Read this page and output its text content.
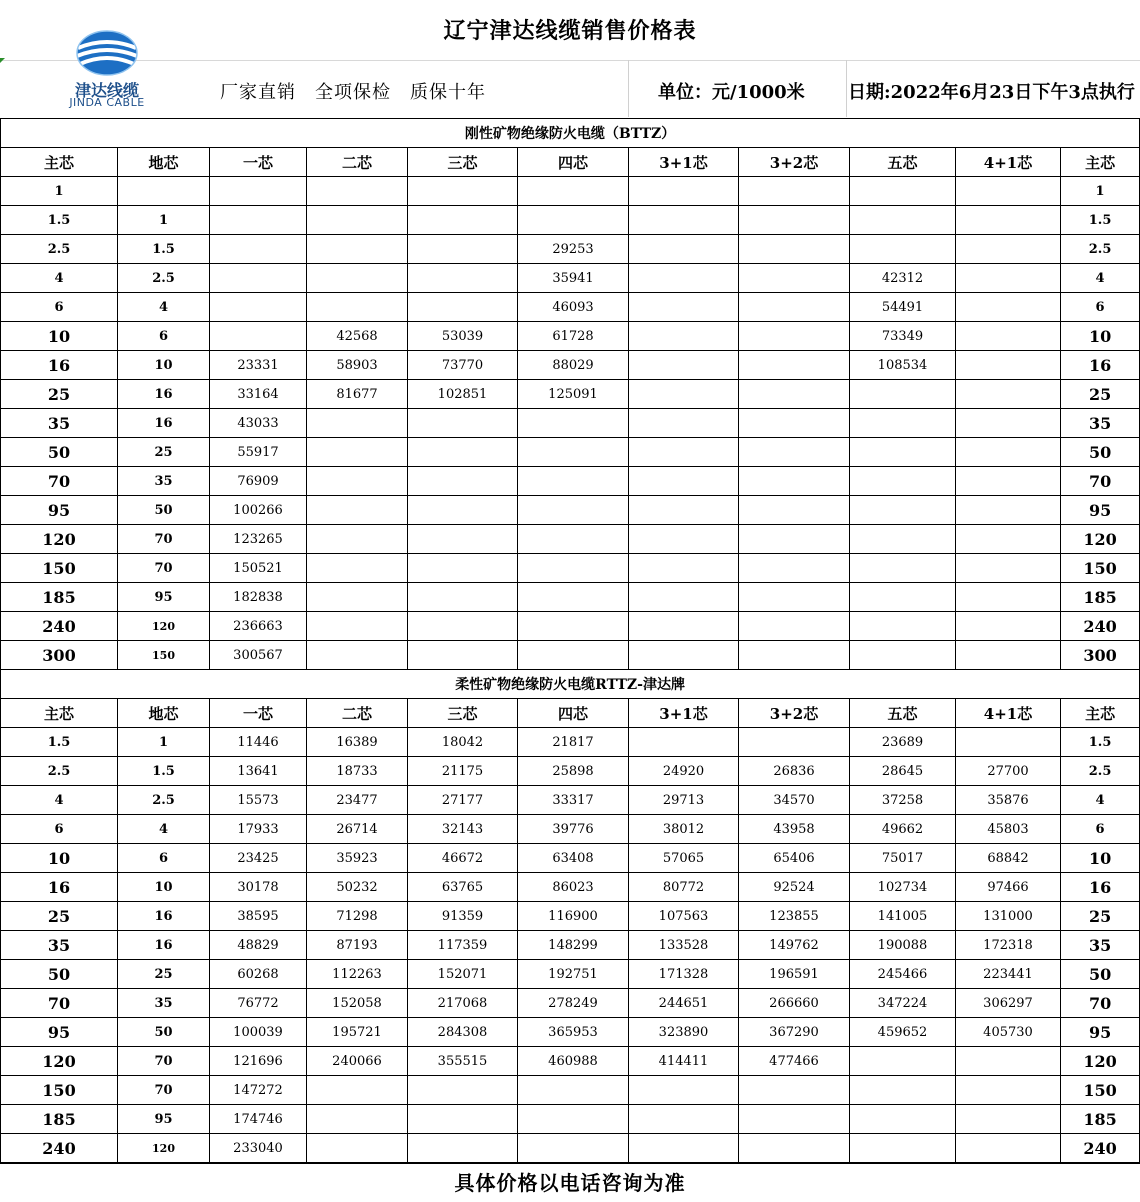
辽宁津达线缆销售价格表
津达线缆
JINDA CABLE	厂家直销　全项保检　质保十年	单位：元/1000米 日期:2022年6月23日下午3点执行
刚性矿物绝缘防火电缆（BTTZ）										
主芯	地芯	一芯	二芯	三芯	四芯	3+1芯	3+2芯	五芯	4+1芯	主芯
1										1
1.5	1									1.5
2.5	1.5				29253					2.5
4	2.5				35941			42312		4
6	4				46093			54491		6
10	6		42568	53039	61728			73349		10
16	10	23331	58903	73770	88029			108534		16
25	16	33164	81677	102851	125091					25
35	16	43033								35
50	25	55917								50
70	35	76909								70
95	50	100266								95
120	70	123265								120
150	70	150521								150
185	95	182838								185
240	120	236663								240
300	150	300567								300
柔性矿物绝缘防火电缆RTTZ-津达牌										
主芯	地芯	一芯	二芯	三芯	四芯	3+1芯	3+2芯	五芯	4+1芯	主芯
1.5	1	11446	16389	18042	21817			23689		1.5
2.5	1.5	13641	18733	21175	25898	24920	26836	28645	27700	2.5
4	2.5	15573	23477	27177	33317	29713	34570	37258	35876	4
6	4	17933	26714	32143	39776	38012	43958	49662	45803	6
10	6	23425	35923	46672	63408	57065	65406	75017	68842	10
16	10	30178	50232	63765	86023	80772	92524	102734	97466	16
25	16	38595	71298	91359	116900	107563	123855	141005	131000	25
35	16	48829	87193	117359	148299	133528	149762	190088	172318	35
50	25	60268	112263	152071	192751	171328	196591	245466	223441	50
70	35	76772	152058	217068	278249	244651	266660	347224	306297	70
95	50	100039	195721	284308	365953	323890	367290	459652	405730	95
120	70	121696	240066	355515	460988	414411	477466			120
150	70	147272								150
185	95	174746								185
240	120	233040								240
具体价格以电话咨询为准
